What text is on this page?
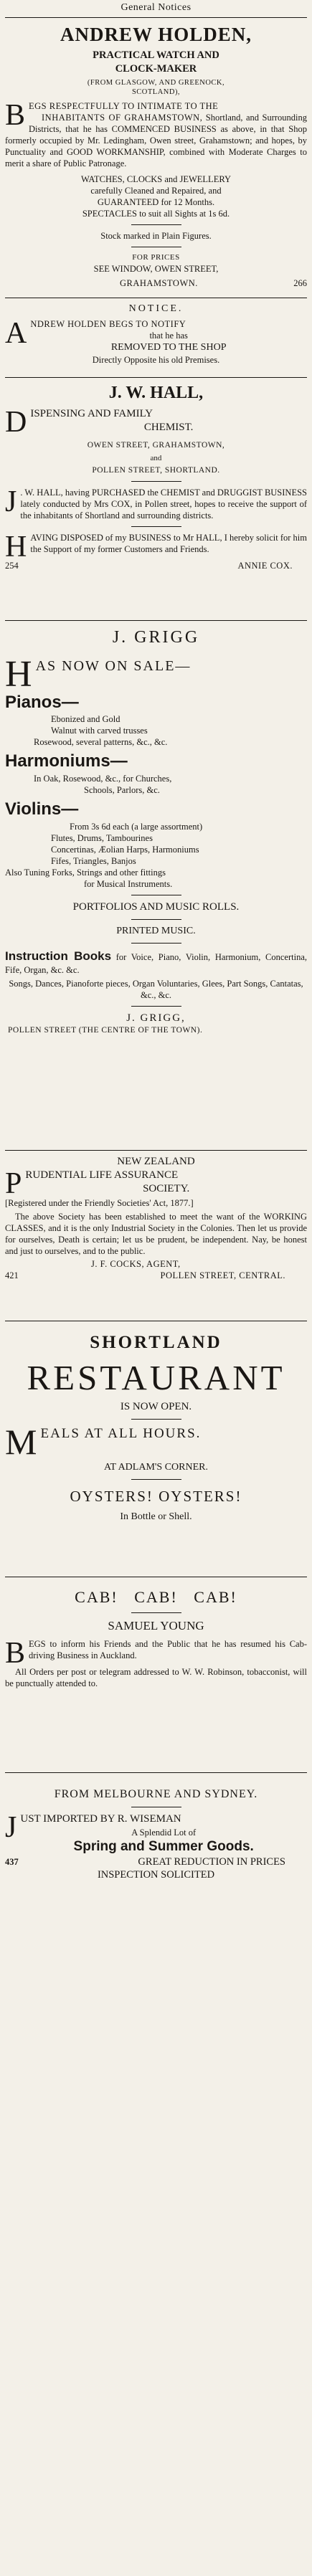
General Notices
ANDREW HOLDEN,
PRACTICAL WATCH AND
CLOCK-MAKER
(FROM GLASGOW, AND GREENOCK,
SCOTLAND),
B EGS RESPECTFULLY TO INTIMATE TO THE
INHABITANTS OF GRAHAMSTOWN, Shortland, and Surrounding Districts, that he has COMMENCED BUSINESS as above, in that Shop formerly occupied by Mr. Ledingham, Owen street, Grahamstown; and hopes, by Punctuality and GOOD WORKMANSHIP, combined with Moderate Charges to merit a share of Public Patronage.
WATCHES, CLOCKS and JEWELLERY
carefully Cleaned and Repaired, and
GUARANTEED for 12 Months.
SPECTACLES to suit all Sights at 1s 6d.
Stock marked in Plain Figures.
FOR PRICES
SEE WINDOW, OWEN STREET,
GRAHAMSTOWN.	266
NOTICE.
A NDREW HOLDEN BEGS TO NOTIFY
that he has
REMOVED TO THE SHOP
Directly Opposite his old Premises.
J. W. HALL,
D ISPENSING AND FAMILY
CHEMIST.
OWEN STREET, GRAHAMSTOWN,
and
POLLEN STREET, SHORTLAND.
J . W. HALL, having PURCHASED the CHEMIST and DRUGGIST BUSINESS lately conducted by Mrs COX, in Pollen street, hopes to receive the support of the inhabitants of Shortland and surrounding districts.
H AVING DISPOSED of my BUSINESS to Mr HALL, I hereby solicit for him the Support of my former Customers and Friends.
254	ANNIE COX.
J. GRIGG
H AS NOW ON SALE—
Pianos—
Ebonized and Gold
Walnut with carved trusses
Rosewood, several patterns, &c., &c.
Harmoniums—
In Oak, Rosewood, &c., for Churches,
Schools, Parlors, &c.
Violins—
From 3s 6d each (a large assortment)
Flutes, Drums, Tambourines
Concertinas, Æolian Harps, Harmoniums
Fifes, Triangles, Banjos
Also Tuning Forks, Strings and other fittings
for Musical Instruments.
PORTFOLIOS AND MUSIC ROLLS.
PRINTED MUSIC.
Instruction Books for Voice, Piano, Violin, Harmonium, Concertina, Fife, Organ, &c. &c.
Songs, Dances, Pianoforte pieces, Organ Voluntaries, Glees, Part Songs, Cantatas, &c., &c.
J. GRIGG,
POLLEN STREET (THE CENTRE OF THE TOWN).
NEW ZEALAND
P RUDENTIAL LIFE ASSURANCE
SOCIETY.
[Registered under the Friendly Societies' Act, 1877.]
The above Society has been established to meet the want of the WORKING CLASSES, and it is the only Industrial Society in the Colonies. Then let us provide for ourselves, Death is certain; let us be prudent, be independent. Nay, be honest and just to ourselves, and to the public.
J. F. COCKS, AGENT,
421	POLLEN STREET, CENTRAL.
SHORTLAND
RESTAURANT
IS NOW OPEN.
M EALS AT ALL HOURS.
AT ADLAM'S CORNER.
OYSTERS! OYSTERS!
In Bottle or Shell.
CAB!   CAB!   CAB!
SAMUEL YOUNG
B EGS to inform his Friends and the Public that he has resumed his Cab-driving Business in Auckland.
All Orders per post or telegram addressed to W. W. Robinson, tobacconist, will be punctually attended to.
FROM MELBOURNE AND SYDNEY.
J UST IMPORTED BY R. WISEMAN
A Splendid Lot of
Spring and Summer Goods.
437	GREAT REDUCTION IN PRICES
INSPECTION SOLICITED
